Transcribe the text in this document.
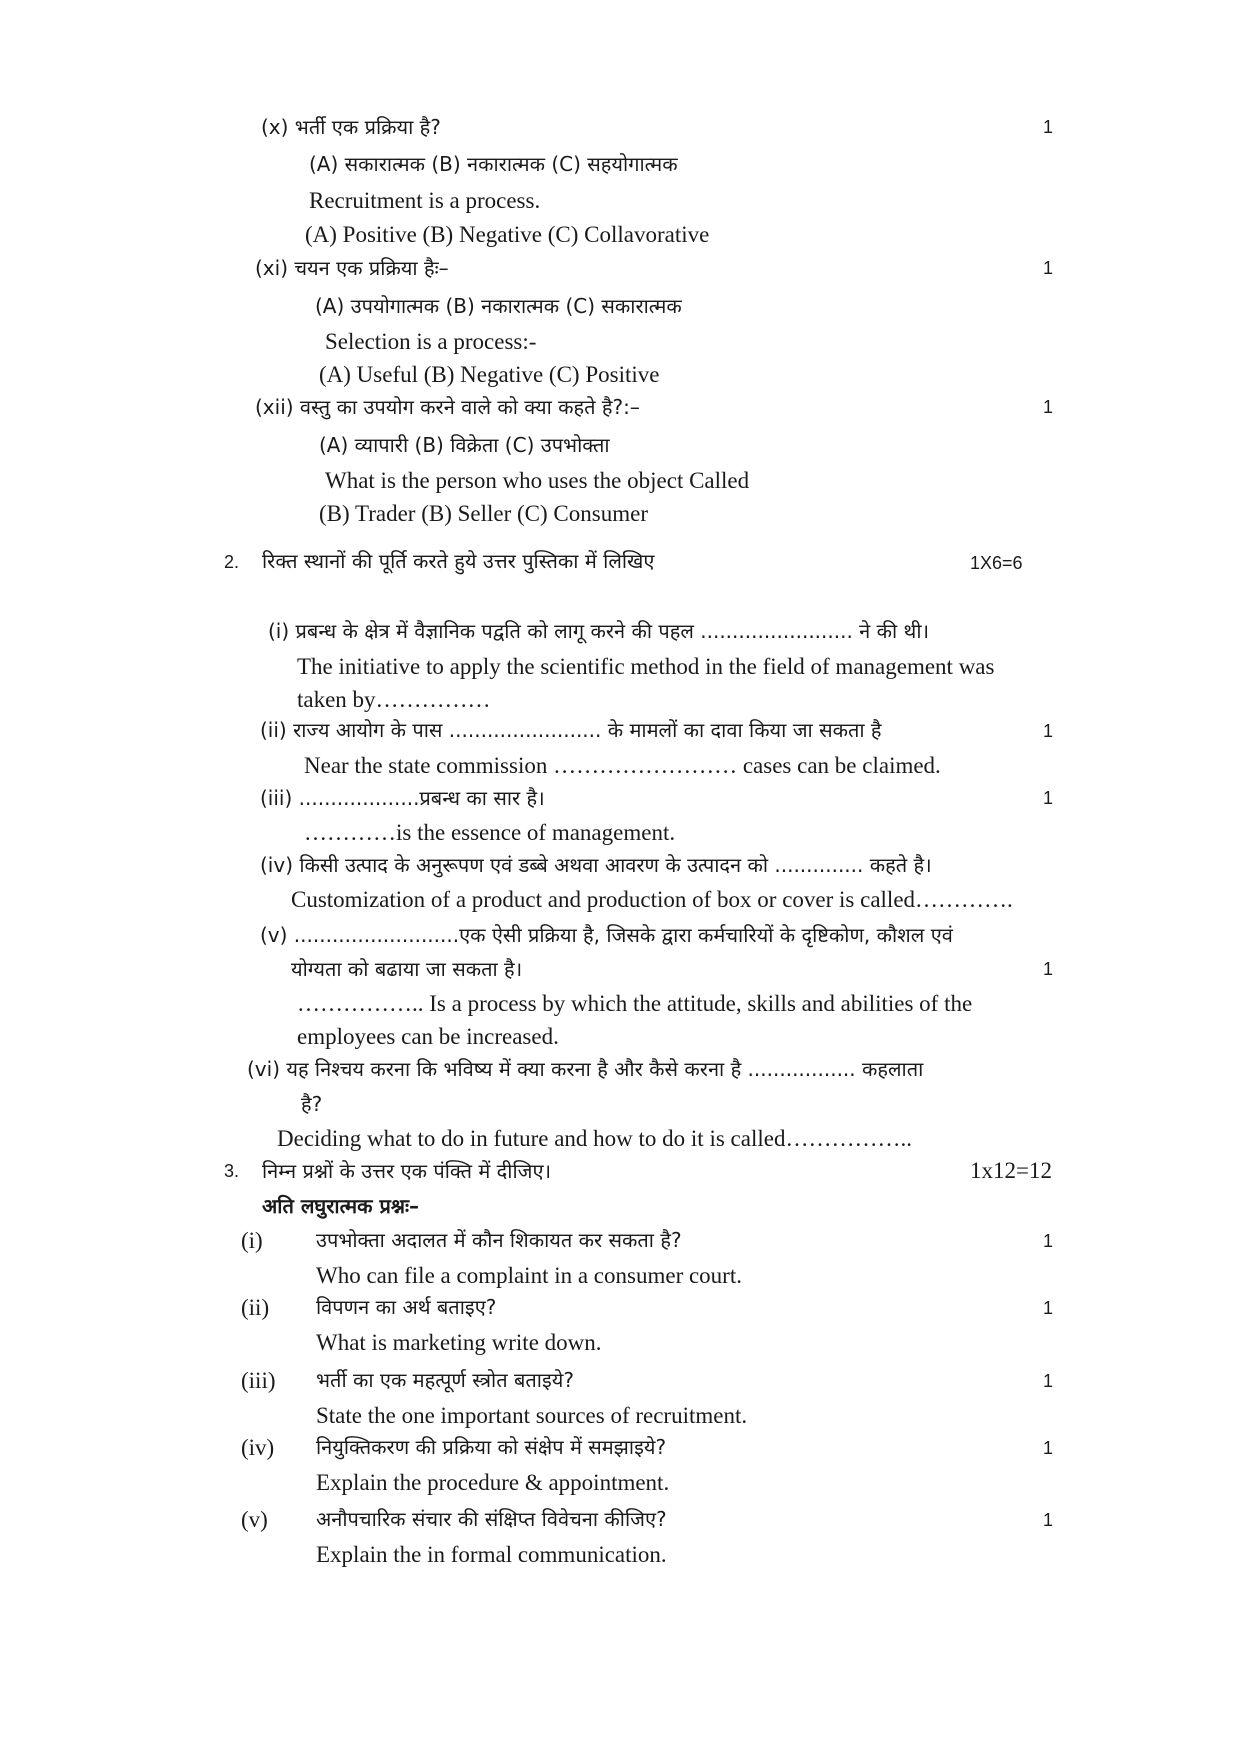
(x) भर्ती एक प्रक्रिया है?	1
(A) सकारात्मक (B) नकारात्मक (C) सहयोगात्मक
Recruitment is a process.
(A) Positive (B) Negative (C) Collavorative
(xi) चयन एक प्रक्रिया हैः–	1
(A) उपयोगात्मक (B) नकारात्मक (C) सकारात्मक
Selection is a process:-
(A) Useful (B) Negative (C) Positive
(xii) वस्तु का उपयोग करने वाले को क्या कहते है?:–	1
(A) व्यापारी (B) विक्रेता (C) उपभोक्ता
What is the person who uses the object Called
(B) Trader (B) Seller (C) Consumer
2. रिक्त स्थानों की पूर्ति करते हुये उत्तर पुस्तिका में लिखिए	1X6=6
(i) प्रबन्ध के क्षेत्र में वैज्ञानिक पद्वति को लागू करने की पहल ........................ ने की थी।
The initiative to apply the scientific method in the field of management was
taken by……………
(ii) राज्य आयोग के पास ........................ के मामलों का दावा किया जा सकता है	1
Near the state commission …………………… cases can be claimed.
(iii) ...................प्रबन्ध का सार है।	1
…………is the essence of management.
(iv) किसी उत्पाद के अनुरूपण एवं डब्बे अथवा आवरण के उत्पादन को .............. कहते है।
Customization of a product and production of box or cover is called………….
(v) ..........................एक ऐसी प्रक्रिया है, जिसके द्वारा कर्मचारियों के दृष्टिकोण, कौशल एवं
योग्यता को बढाया जा सकता है।	1
…………….. Is a process by which the attitude, skills and abilities of the
employees can be increased.
(vi) यह निश्चय करना कि भविष्य में क्या करना है और कैसे करना है ................. कहलाता
है?
Deciding what to do in future and how to do it is called……………..
3. निम्न प्रश्नों के उत्तर एक पंक्ति में दीजिए।	1x12=12
अति लघुरात्मक प्रश्नः–
(i)	उपभोक्ता अदालत में कौन शिकायत कर सकता है?	1
Who can file a complaint in a consumer court.
(ii) विपणन का अर्थ बताइए?	1
What is marketing write down.
(iii) भर्ती का एक महत्पूर्ण स्त्रोत बताइये?	1
State the one important sources of recruitment.
(iv) नियुक्तिकरण की प्रक्रिया को संक्षेप में समझाइये?	1
Explain the procedure & appointment.
(v) अनौपचारिक संचार की संक्षिप्त विवेचना कीजिए?	1
Explain the in formal communication.
